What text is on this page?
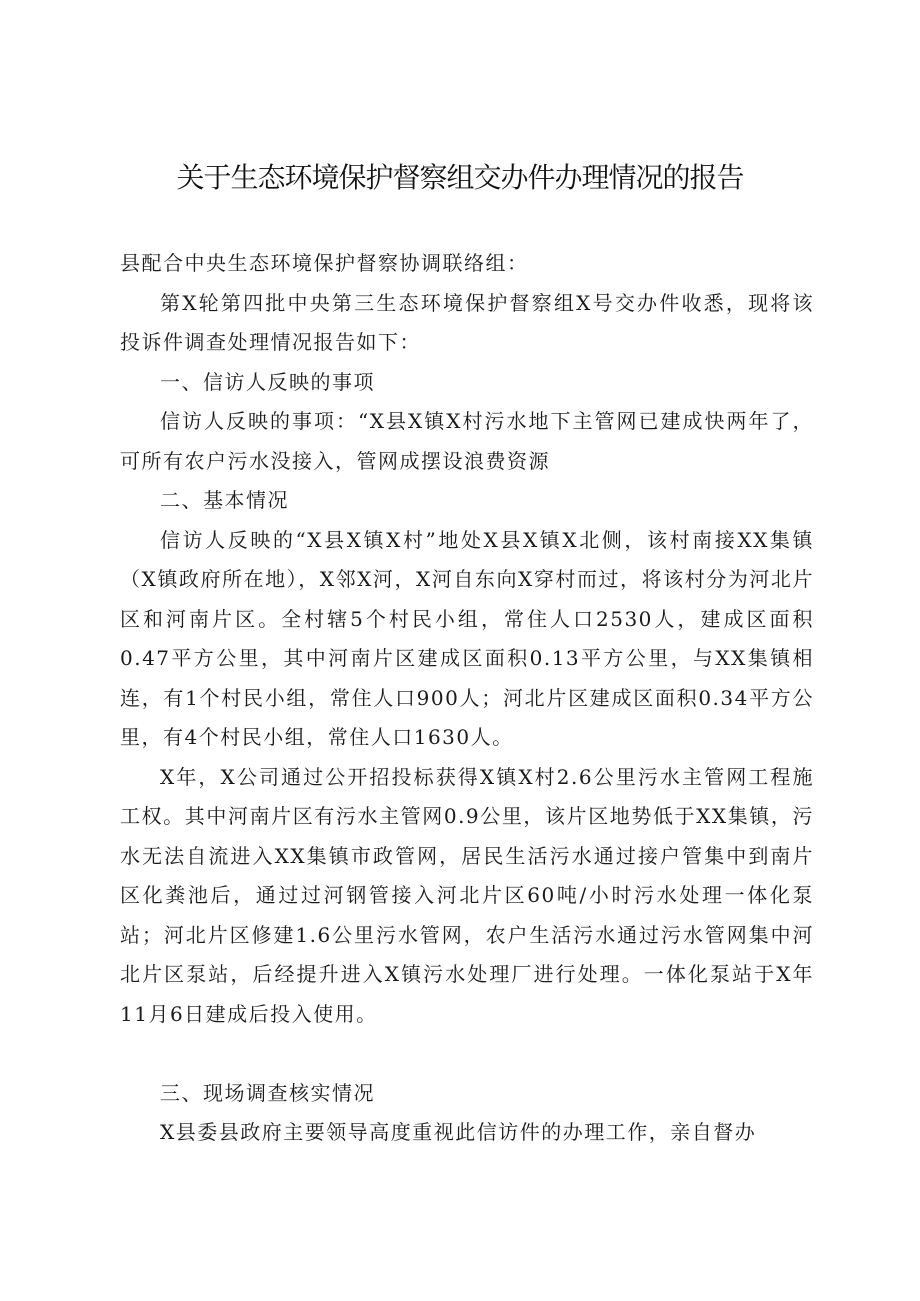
关于生态环境保护督察组交办件办理情况的报告

县配合中央生态环境保护督察协调联络组：

第X轮第四批中央第三生态环境保护督察组X号交办件收悉，现将该投诉件调查处理情况报告如下：

一、信访人反映的事项

信访人反映的事项：“X县X镇X村污水地下主管网已建成快两年了，可所有农户污水没接入，管网成摆设浪费资源

二、基本情况

信访人反映的“X县X镇X村”地处X县X镇X北侧，该村南接XX集镇（X镇政府所在地），X邻X河，X河自东向X穿村而过，将该村分为河北片区和河南片区。全村辖5个村民小组，常住人口2530人，建成区面积0.47平方公里，其中河南片区建成区面积0.13平方公里，与XX集镇相连，有1个村民小组，常住人口900人；河北片区建成区面积0.34平方公里，有4个村民小组，常住人口1630人。

X年，X公司通过公开招投标获得X镇X村2.6公里污水主管网工程施工权。其中河南片区有污水主管网0.9公里，该片区地势低于XX集镇，污水无法自流进入XX集镇市政管网，居民生活污水通过接户管集中到南片区化粪池后，通过过河钢管接入河北片区60吨/小时污水处理一体化泵站；河北片区修建1.6公里污水管网，农户生活污水通过污水管网集中河北片区泵站，后经提升进入X镇污水处理厂进行处理。一体化泵站于X年11月6日建成后投入使用。

三、现场调查核实情况

X县委县政府主要领导高度重视此信访件的办理工作，亲自督办
